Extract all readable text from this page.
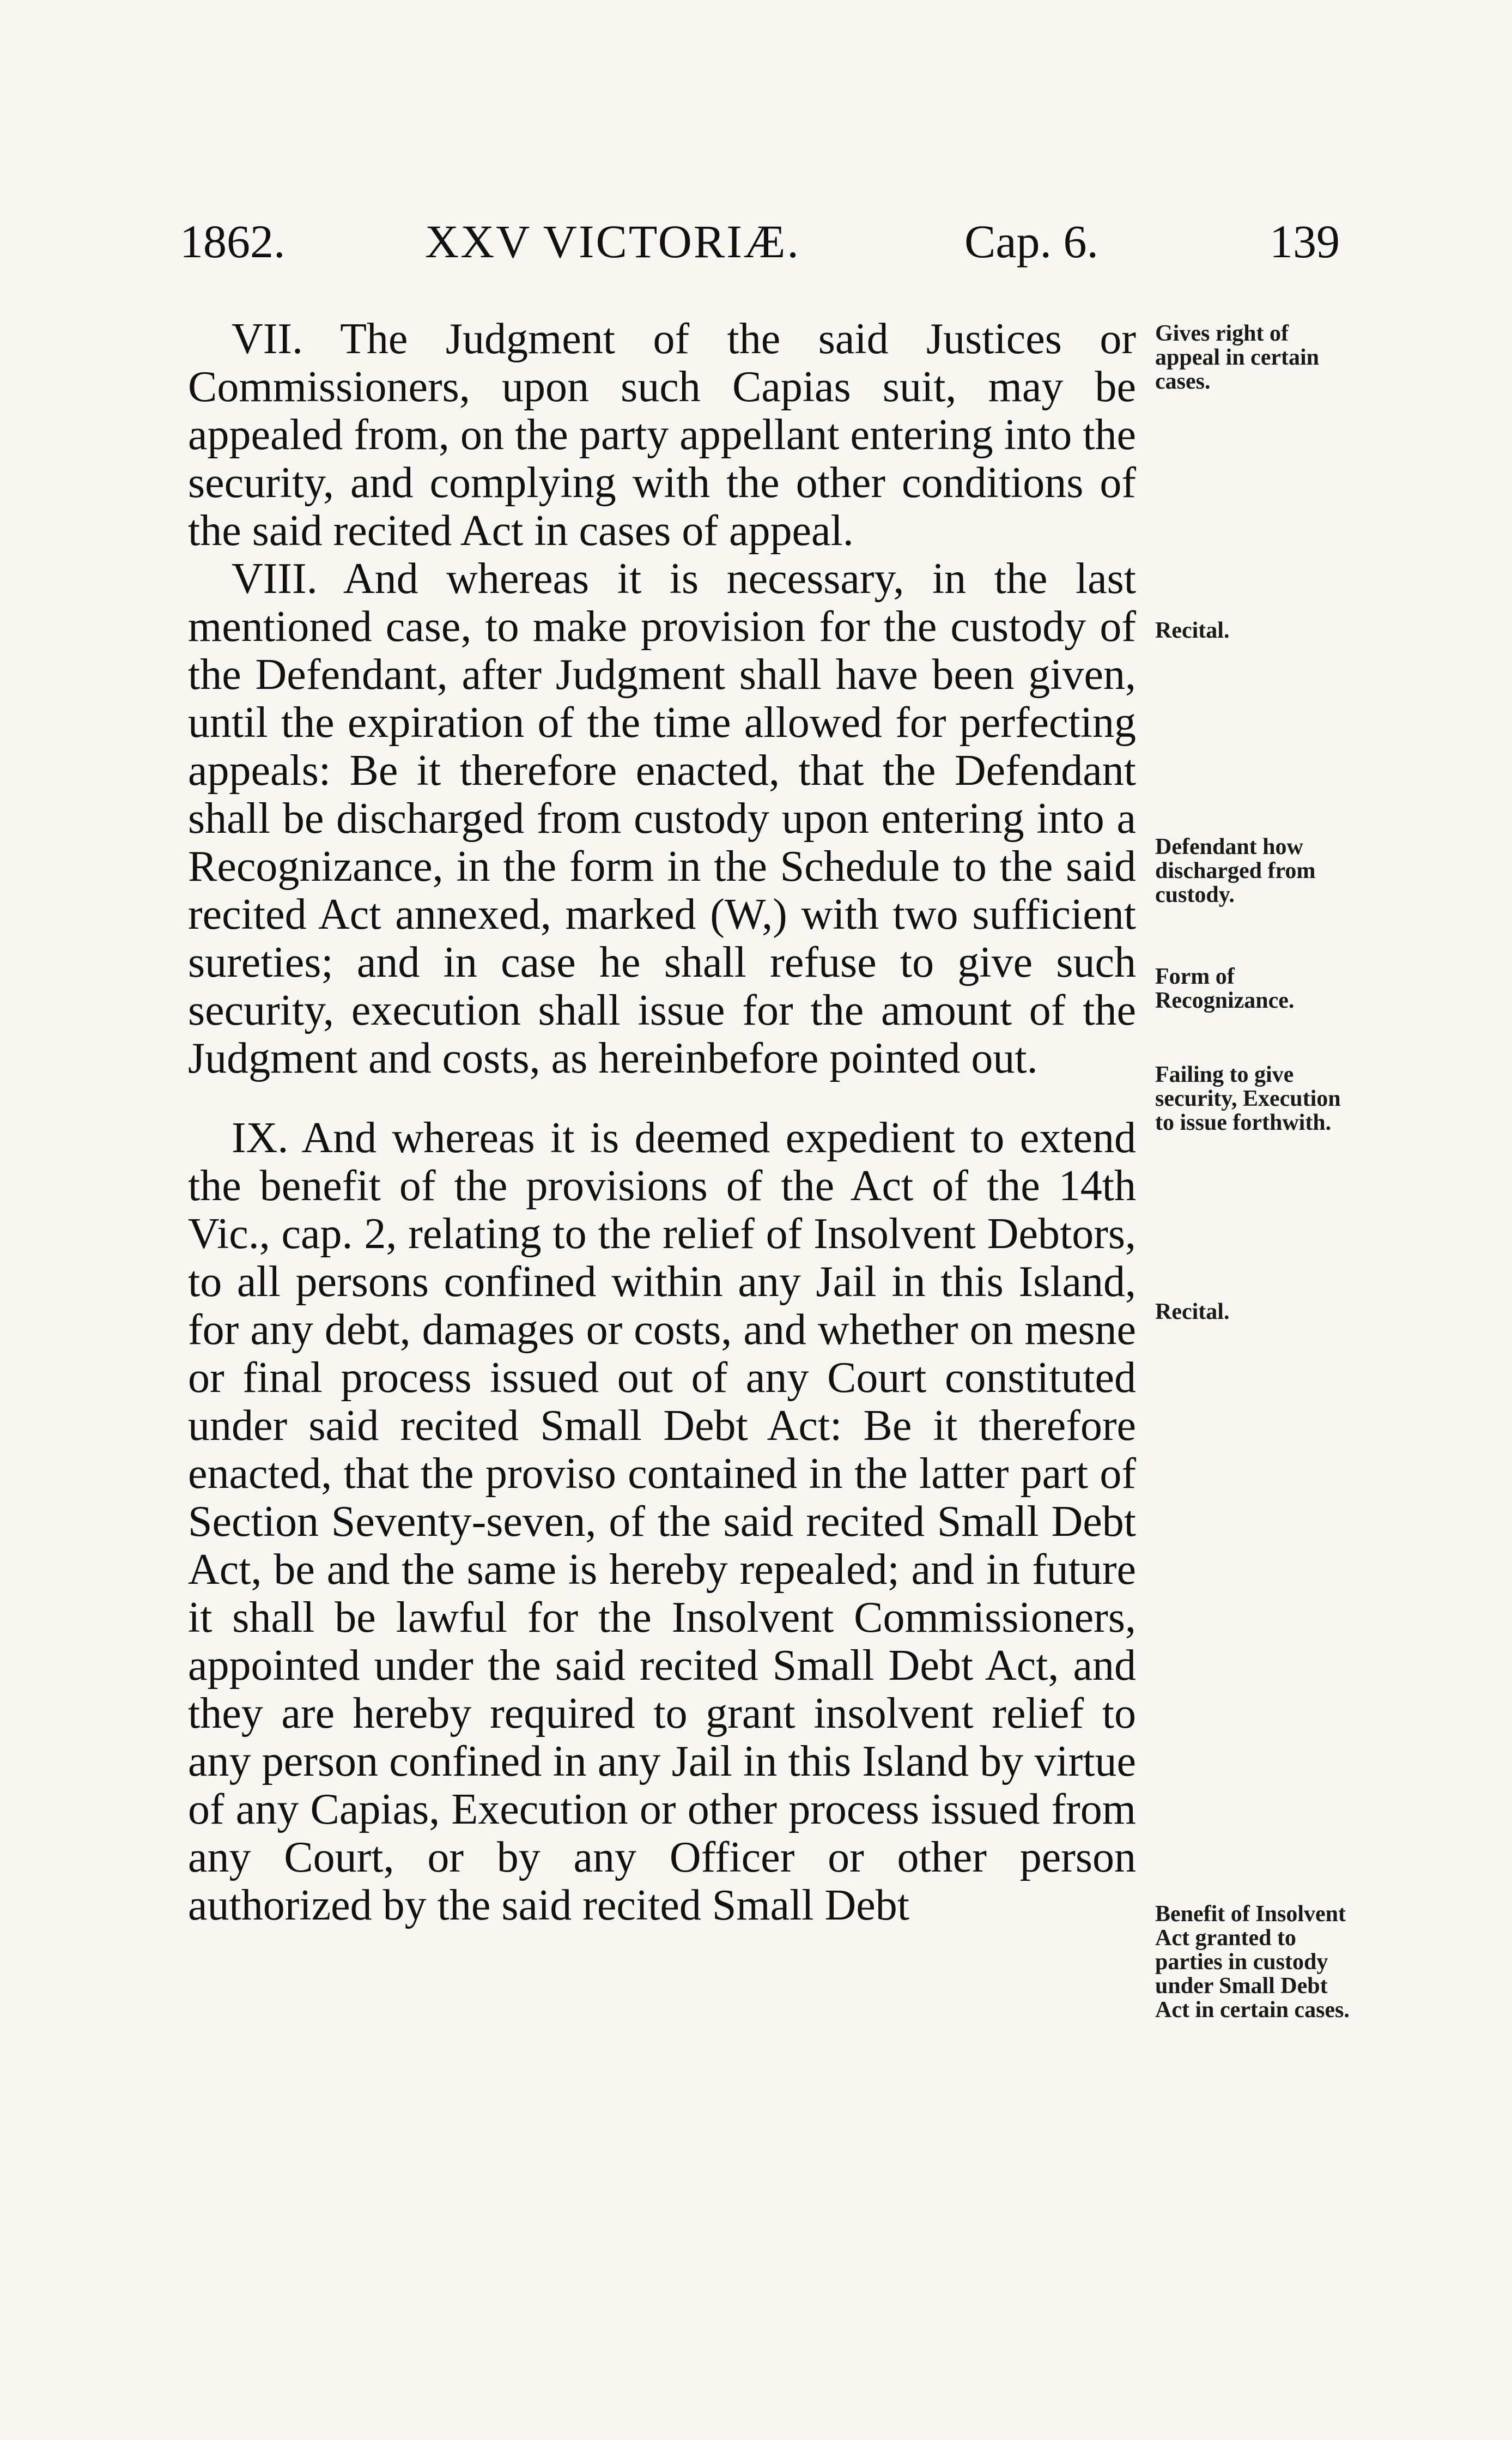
1862.	XXV VICTORIÆ.	Cap. 6.	139

VII. The Judgment of the said Justices or Commissioners, upon such Capias suit, may be appealed from, on the party appellant entering into the security, and complying with the other conditions of the said recited Act in cases of appeal.

VIII. And whereas it is necessary, in the last mentioned case, to make provision for the custody of the Defendant, after Judgment shall have been given, until the expiration of the time allowed for perfecting appeals: Be it therefore enacted, that the Defendant shall be discharged from custody upon entering into a Recognizance, in the form in the Schedule to the said recited Act annexed, marked (W,) with two sufficient sureties; and in case he shall refuse to give such security, execution shall issue for the amount of the Judgment and costs, as hereinbefore pointed out.

IX. And whereas it is deemed expedient to extend the benefit of the provisions of the Act of the 14th Vic., cap. 2, relating to the relief of Insolvent Debtors, to all persons confined within any Jail in this Island, for any debt, damages or costs, and whether on mesne or final process issued out of any Court constituted under said recited Small Debt Act: Be it therefore enacted, that the proviso contained in the latter part of Section Seventy-seven, of the said recited Small Debt Act, be and the same is hereby repealed; and in future it shall be lawful for the Insolvent Commissioners, appointed under the said recited Small Debt Act, and they are hereby required to grant insolvent relief to any person confined in any Jail in this Island by virtue of any Capias, Execution or other process issued from any Court, or by any Officer or other person authorized by the said recited Small Debt

Gives right of appeal in certain cases.
Recital.
Defendant how discharged from custody.
Form of Recognizance.
Failing to give security, Execution to issue forthwith.
Recital.
Benefit of Insolvent Act granted to parties in custody under Small Debt Act in certain cases.
